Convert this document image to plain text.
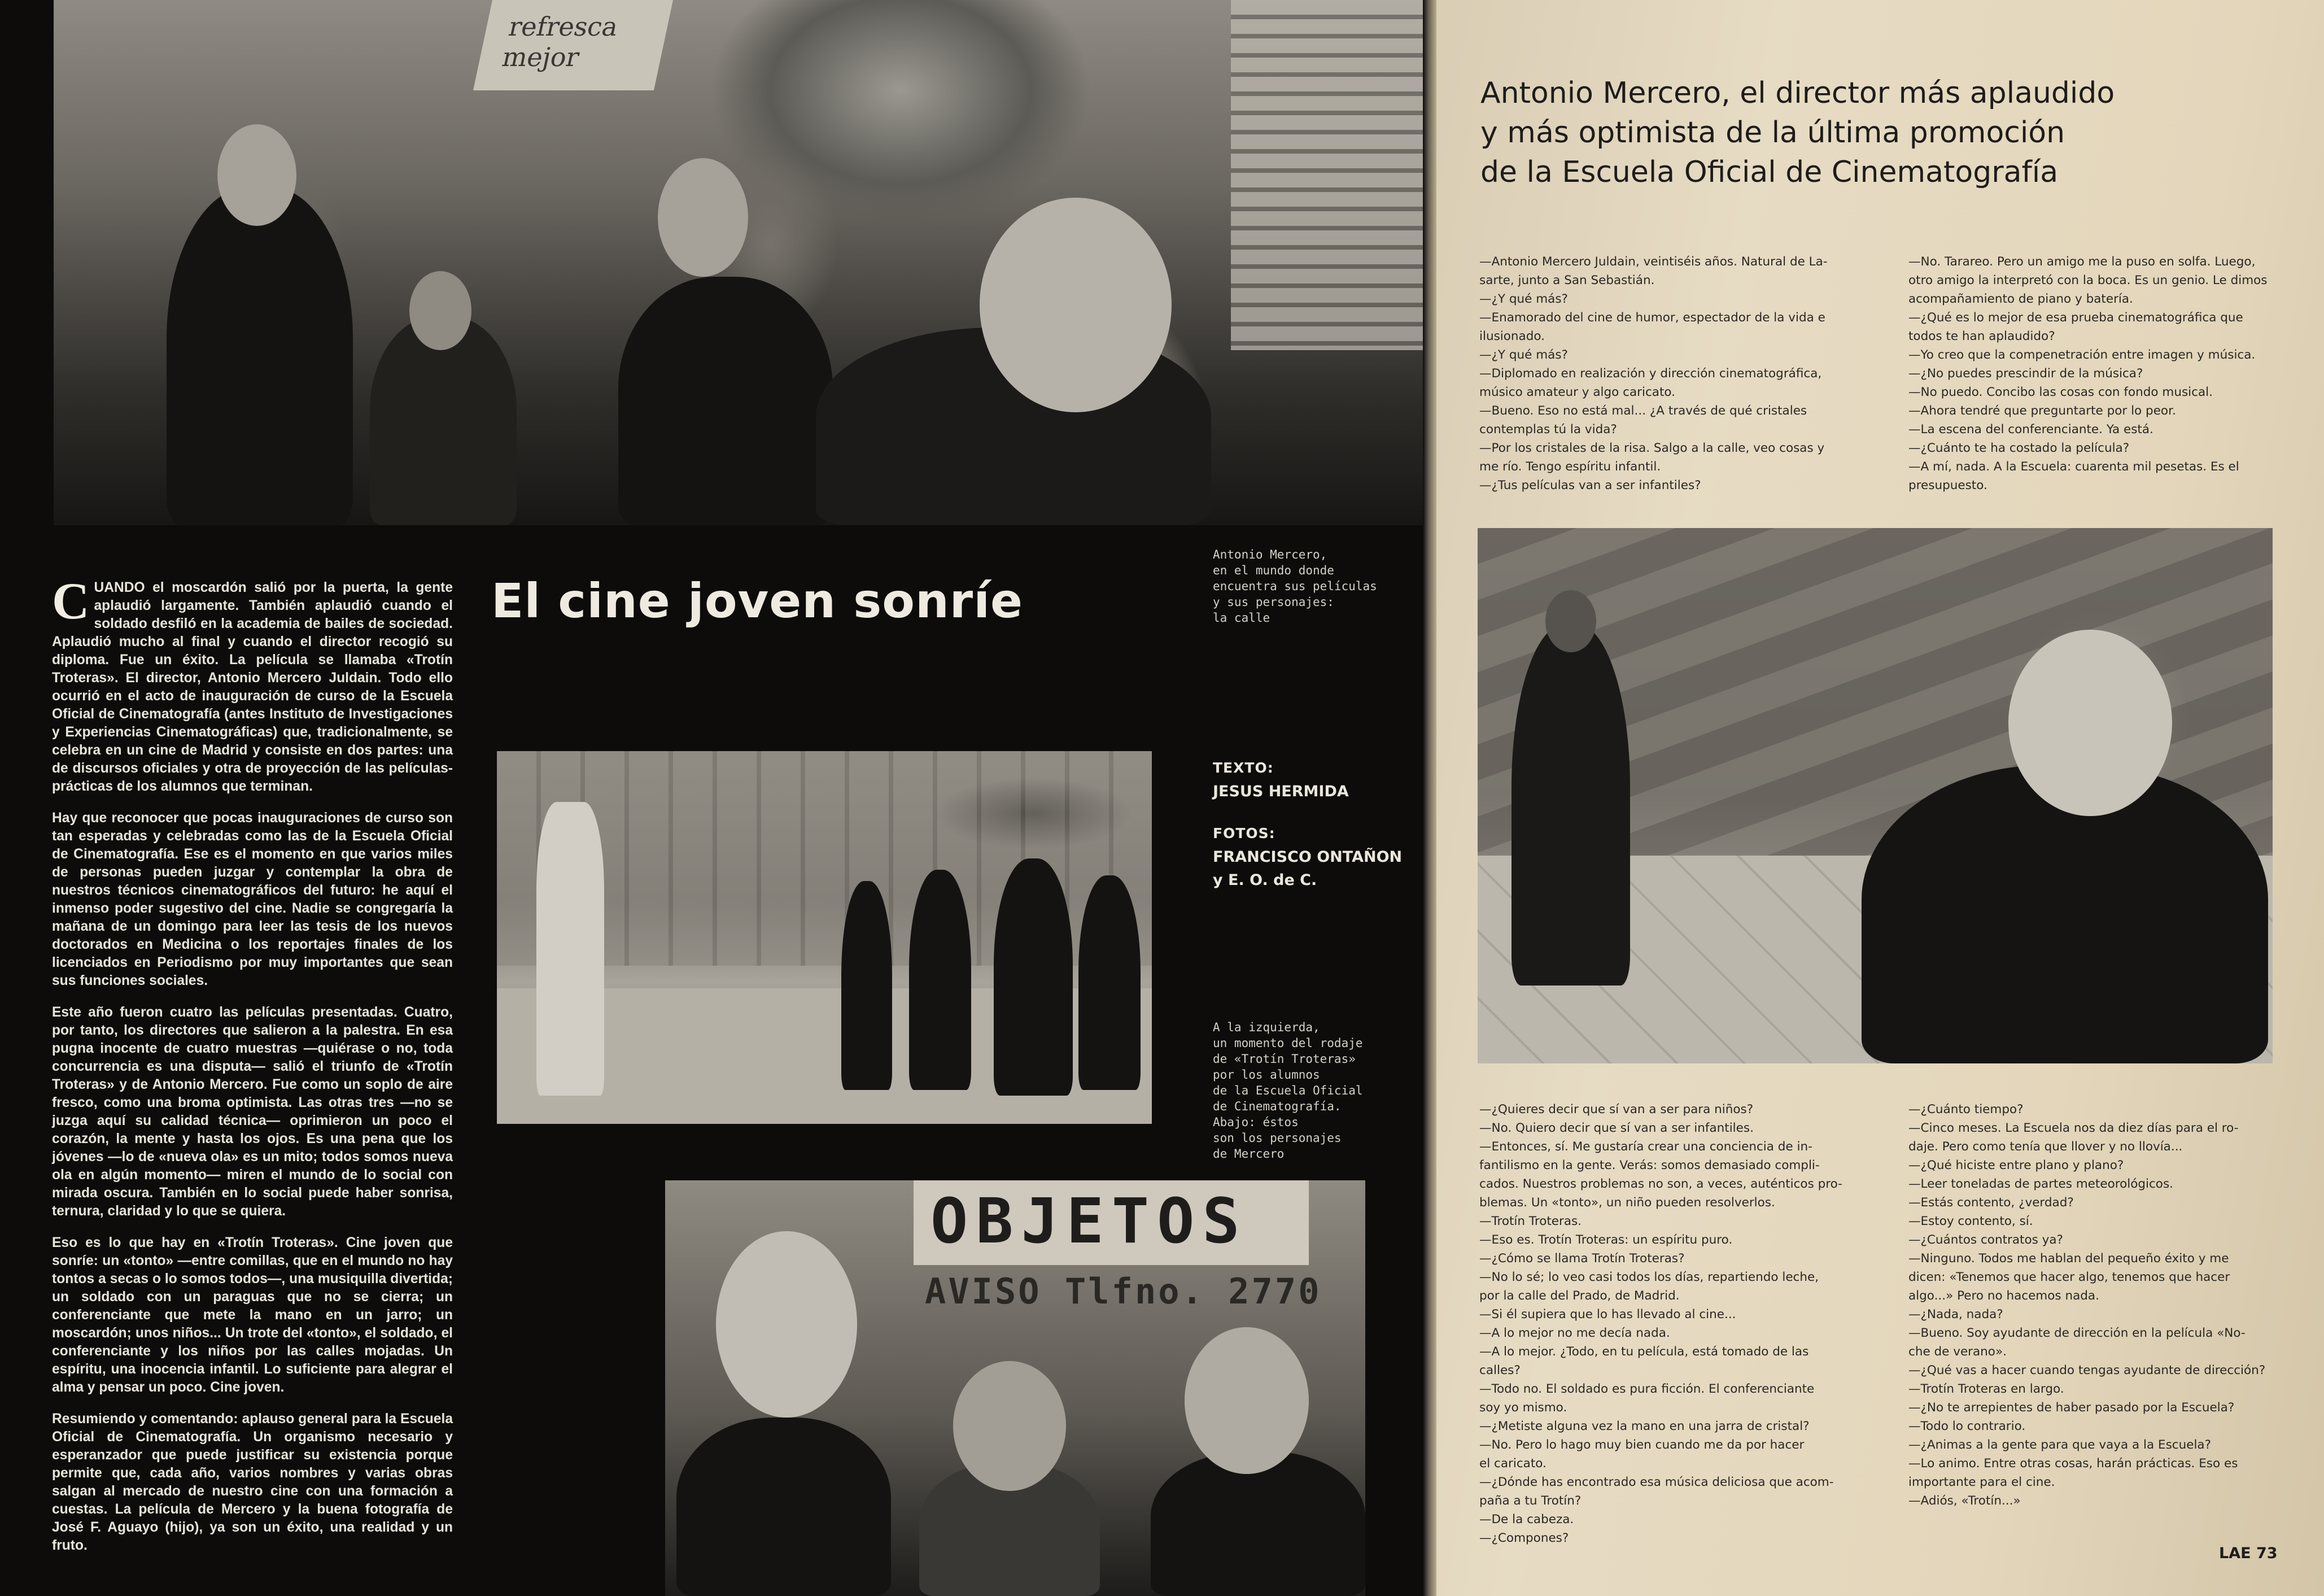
refresca mejor

CUANDO el moscardón salió por la puerta, la gente aplaudió largamente. También aplaudió cuando el soldado desfiló en la academia de bailes de sociedad. Aplaudió mucho al final y cuando el director recogió su diploma. Fue un éxito. La película se llamaba «Trotín Troteras». El director, Antonio Mercero Juldain. Todo ello ocurrió en el acto de inauguración de curso de la Escuela Oficial de Cinematografía (antes Instituto de Investigaciones y Experiencias Cinematográficas) que, tradicionalmente, se celebra en un cine de Madrid y consiste en dos partes: una de discursos oficiales y otra de proyección de las películas-prácticas de los alumnos que terminan.

Hay que reconocer que pocas inauguraciones de curso son tan esperadas y celebradas como las de la Escuela Oficial de Cinematografía. Ese es el momento en que varios miles de personas pueden juzgar y contemplar la obra de nuestros técnicos cinematográficos del futuro: he aquí el inmenso poder sugestivo del cine. Nadie se congregaría la mañana de un domingo para leer las tesis de los nuevos doctorados en Medicina o los reportajes finales de los licenciados en Periodismo por muy importantes que sean sus funciones sociales.

Este año fueron cuatro las películas presentadas. Cuatro, por tanto, los directores que salieron a la palestra. En esa pugna inocente de cuatro muestras —quiérase o no, toda concurrencia es una disputa— salió el triunfo de «Trotín Troteras» y de Antonio Mercero. Fue como un soplo de aire fresco, como una broma optimista. Las otras tres —no se juzga aquí su calidad técnica— oprimieron un poco el corazón, la mente y hasta los ojos. Es una pena que los jóvenes —lo de «nueva ola» es un mito; todos somos nueva ola en algún momento— miren el mundo de lo social con mirada oscura. También en lo social puede haber sonrisa, ternura, claridad y lo que se quiera.

Eso es lo que hay en «Trotín Troteras». Cine joven que sonríe: un «tonto» —entre comillas, que en el mundo no hay tontos a secas o lo somos todos—, una musiquilla divertida; un soldado con un paraguas que no se cierra; un conferenciante que mete la mano en un jarro; un moscardón; unos niños... Un trote del «tonto», el soldado, el conferenciante y los niños por las calles mojadas. Un espíritu, una inocencia infantil. Lo suficiente para alegrar el alma y pensar un poco. Cine joven.

Resumiendo y comentando: aplauso general para la Escuela Oficial de Cinematografía. Un organismo necesario y esperanzador que puede justificar su existencia porque permite que, cada año, varios nombres y varias obras salgan al mercado de nuestro cine con una formación a cuestas. La película de Mercero y la buena fotografía de José F. Aguayo (hijo), ya son un éxito, una realidad y un fruto.

El cine joven sonríe
OBJETOS
AVISO Tlfno. 2770
Antonio Mercero,
en el mundo donde
encuentra sus películas
y sus personajes:
la calle
TEXTO:
JESUS HERMIDA
FOTOS:
FRANCISCO ONTAÑON
y E. O. de C.
A la izquierda,
un momento del rodaje
de «Trotín Troteras»
por los alumnos
de la Escuela Oficial
de Cinematografía.
Abajo: éstos
son los personajes
de Mercero
Antonio Mercero, el director más aplaudido
y más optimista de la última promoción
de la Escuela Oficial de Cinematografía
—Antonio Mercero Juldain, veintiséis años. Natural de La-
sarte, junto a San Sebastián.
—¿Y qué más?
—Enamorado del cine de humor, espectador de la vida e
ilusionado.
—¿Y qué más?
—Diplomado en realización y dirección cinematográfica,
músico amateur y algo caricato.
—Bueno. Eso no está mal... ¿A través de qué cristales
contemplas tú la vida?
—Por los cristales de la risa. Salgo a la calle, veo cosas y
me río. Tengo espíritu infantil.
—¿Tus películas van a ser infantiles?
—No. Tarareo. Pero un amigo me la puso en solfa. Luego,
otro amigo la interpretó con la boca. Es un genio. Le dimos
acompañamiento de piano y batería.
—¿Qué es lo mejor de esa prueba cinematográfica que
todos te han aplaudido?
—Yo creo que la compenetración entre imagen y música.
—¿No puedes prescindir de la música?
—No puedo. Concibo las cosas con fondo musical.
—Ahora tendré que preguntarte por lo peor.
—La escena del conferenciante. Ya está.
—¿Cuánto te ha costado la película?
—A mí, nada. A la Escuela: cuarenta mil pesetas. Es el
presupuesto.
—¿Quieres decir que sí van a ser para niños?
—No. Quiero decir que sí van a ser infantiles.
—Entonces, sí. Me gustaría crear una conciencia de in-
fantilismo en la gente. Verás: somos demasiado compli-
cados. Nuestros problemas no son, a veces, auténticos pro-
blemas. Un «tonto», un niño pueden resolverlos.
—Trotín Troteras.
—Eso es. Trotín Troteras: un espíritu puro.
—¿Cómo se llama Trotín Troteras?
—No lo sé; lo veo casi todos los días, repartiendo leche,
por la calle del Prado, de Madrid.
—Si él supiera que lo has llevado al cine...
—A lo mejor no me decía nada.
—A lo mejor. ¿Todo, en tu película, está tomado de las
calles?
—Todo no. El soldado es pura ficción. El conferenciante
soy yo mismo.
—¿Metiste alguna vez la mano en una jarra de cristal?
—No. Pero lo hago muy bien cuando me da por hacer
el caricato.
—¿Dónde has encontrado esa música deliciosa que acom-
paña a tu Trotín?
—De la cabeza.
—¿Compones?
—¿Cuánto tiempo?
—Cinco meses. La Escuela nos da diez días para el ro-
daje. Pero como tenía que llover y no llovía...
—¿Qué hiciste entre plano y plano?
—Leer toneladas de partes meteorológicos.
—Estás contento, ¿verdad?
—Estoy contento, sí.
—¿Cuántos contratos ya?
—Ninguno. Todos me hablan del pequeño éxito y me
dicen: «Tenemos que hacer algo, tenemos que hacer
algo...» Pero no hacemos nada.
—¿Nada, nada?
—Bueno. Soy ayudante de dirección en la película «No-
che de verano».
—¿Qué vas a hacer cuando tengas ayudante de dirección?
—Trotín Troteras en largo.
—¿No te arrepientes de haber pasado por la Escuela?
—Todo lo contrario.
—¿Animas a la gente para que vaya a la Escuela?
—Lo animo. Entre otras cosas, harán prácticas. Eso es
importante para el cine.
—Adiós, «Trotín...»
LAE 73
